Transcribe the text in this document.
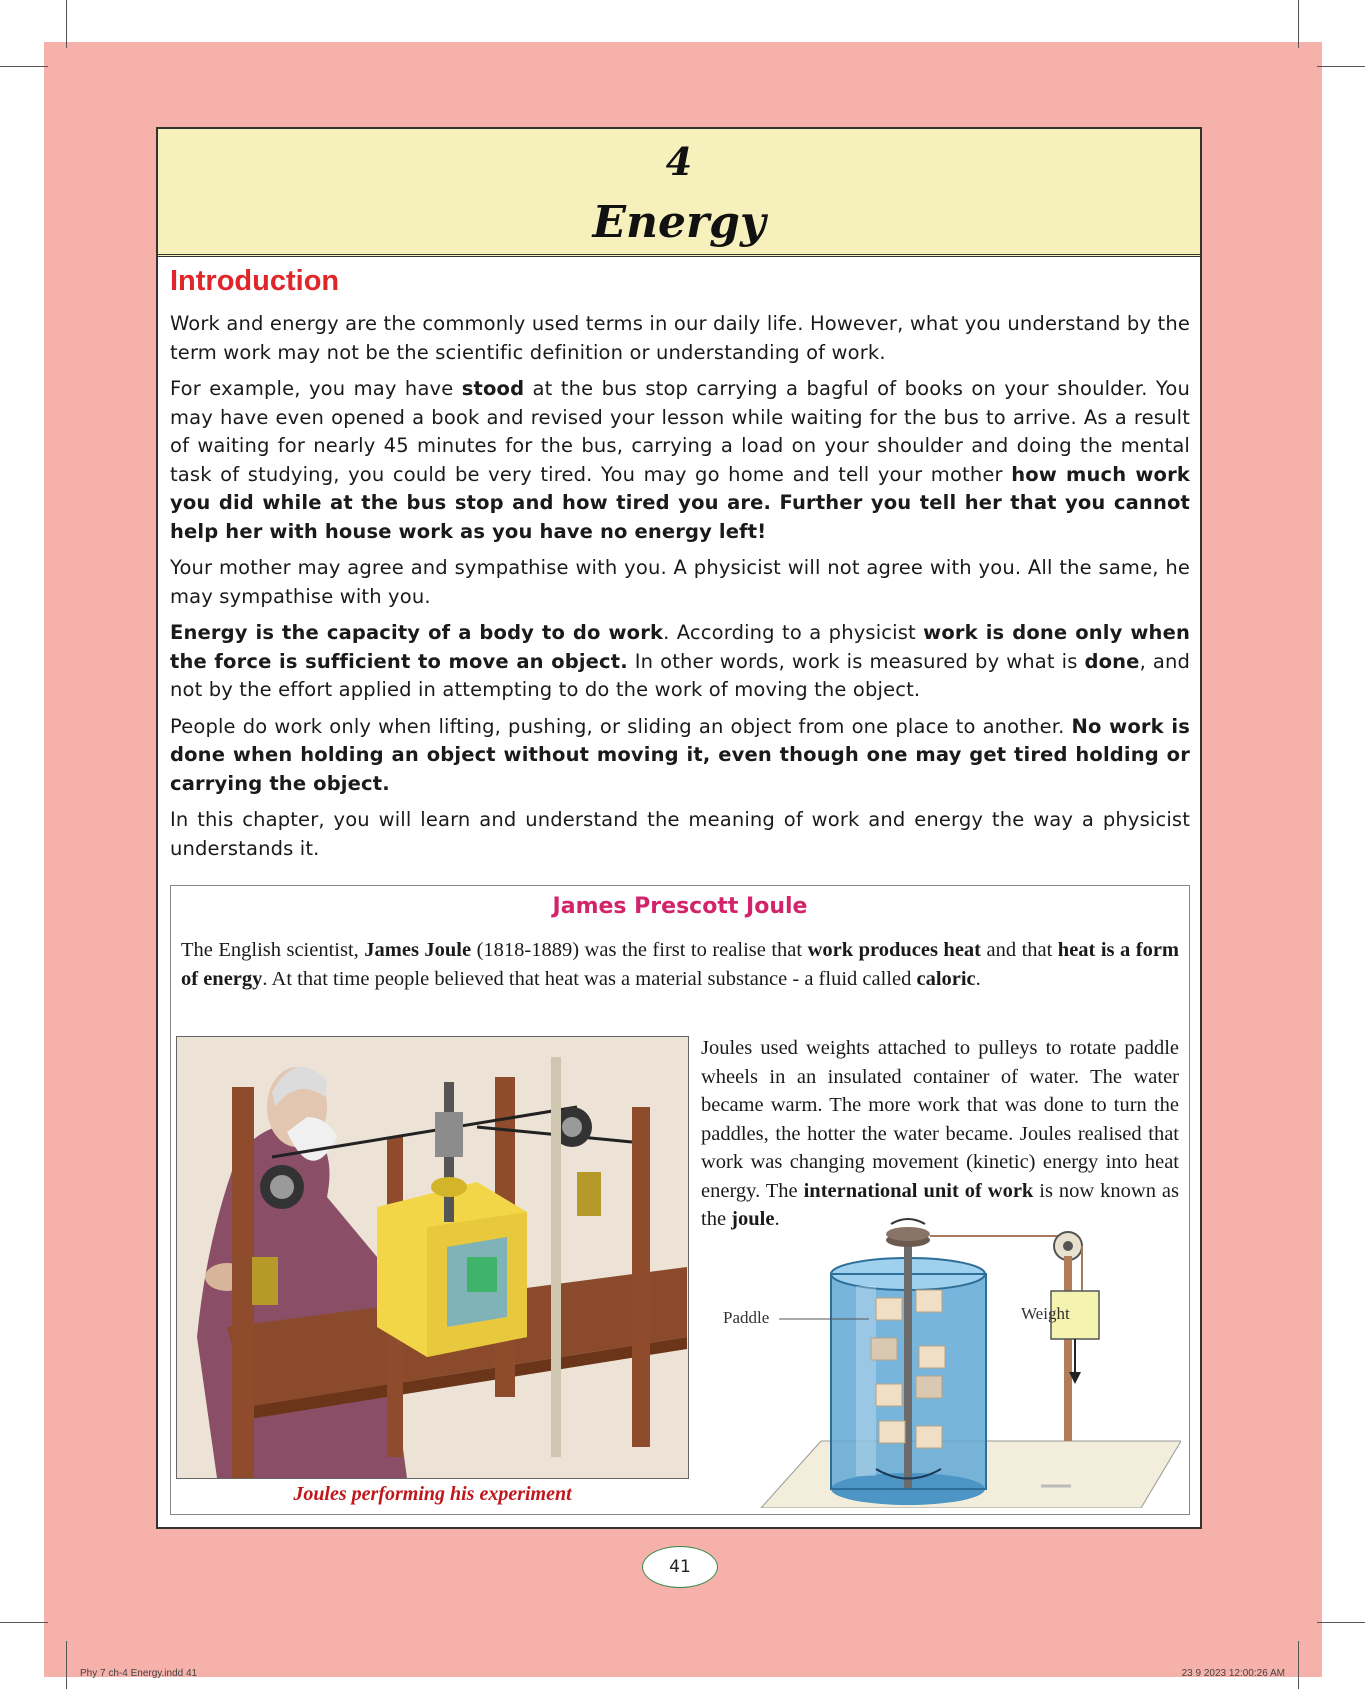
4
Energy
Introduction

Work and energy are the commonly used terms in our daily life. However, what you understand by the term work may not be the scientific definition or understanding of work.

For example, you may have stood at the bus stop carrying a bagful of books on your shoulder. You may have even opened a book and revised your lesson while waiting for the bus to arrive. As a result of waiting for nearly 45 minutes for the bus, carrying a load on your shoulder and doing the mental task of studying, you could be very tired. You may go home and tell your mother how much work you did while at the bus stop and how tired you are. Further you tell her that you cannot help her with house work as you have no energy left!

Your mother may agree and sympathise with you. A physicist will not agree with you. All the same, he may sympathise with you.

Energy is the capacity of a body to do work. According to a physicist work is done only when the force is sufficient to move an object. In other words, work is measured by what is done, and not by the effort applied in attempting to do the work of moving the object.

People do work only when lifting, pushing, or sliding an object from one place to another. No work is done when holding an object without moving it, even though one may get tired holding or carrying the object.

In this chapter, you will learn and understand the meaning of work and energy the way a physicist understands it.

James Prescott Joule
The English scientist, James Joule (1818-1889) was the first to realise that work produces heat and that heat is a form of energy. At that time people believed that heat was a material substance - a fluid called caloric.
Joules used weights attached to pulleys to rotate paddle wheels in an insulated container of water. The water became warm. The more work that was done to turn the paddles, the hotter the water became. Joules realised that work was changing movement (kinetic) energy into heat energy. The international unit of work is now known as the joule.
Joules performing his experiment
Paddle	Weight
41
Phy 7 ch-4 Energy.indd 41	23 9 2023 12:00:26 AM
